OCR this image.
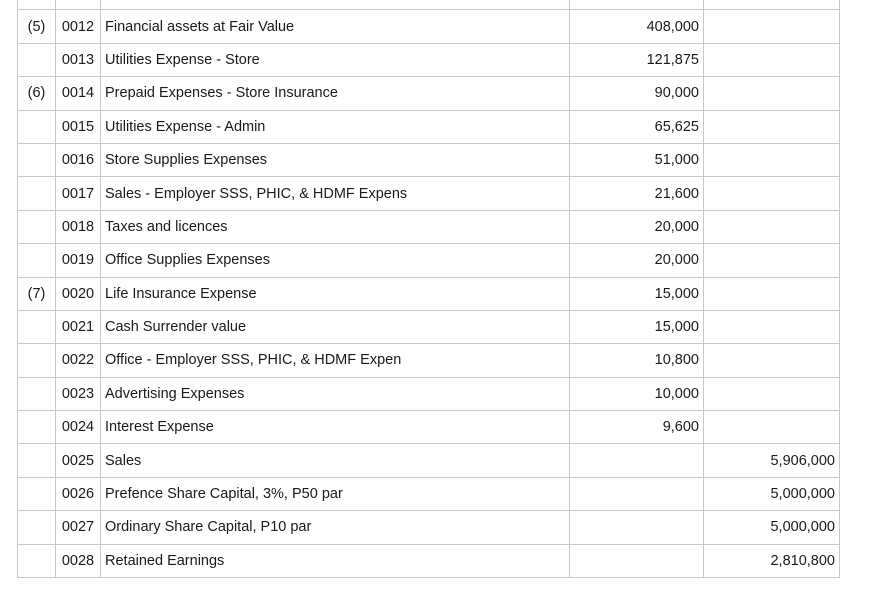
(5)	0012	Financial assets at Fair Value	408,000	
	0013	Utilities Expense - Store	121,875	
(6)	0014	Prepaid Expenses - Store Insurance	90,000	
	0015	Utilities Expense - Admin	65,625	
	0016	Store Supplies Expenses	51,000	
	0017	Sales - Employer SSS, PHIC, & HDMF Expens	21,600	
	0018	Taxes and licences	20,000	
	0019	Office Supplies Expenses	20,000	
(7)	0020	Life Insurance Expense	15,000	
	0021	Cash Surrender value	15,000	
	0022	Office - Employer SSS, PHIC, & HDMF Expen	10,800	
	0023	Advertising Expenses	10,000	
	0024	Interest Expense	9,600	
	0025	Sales		5,906,000
	0026	Prefence Share Capital, 3%, P50 par		5,000,000
	0027	Ordinary Share Capital, P10 par		5,000,000
	0028	Retained Earnings		2,810,800
